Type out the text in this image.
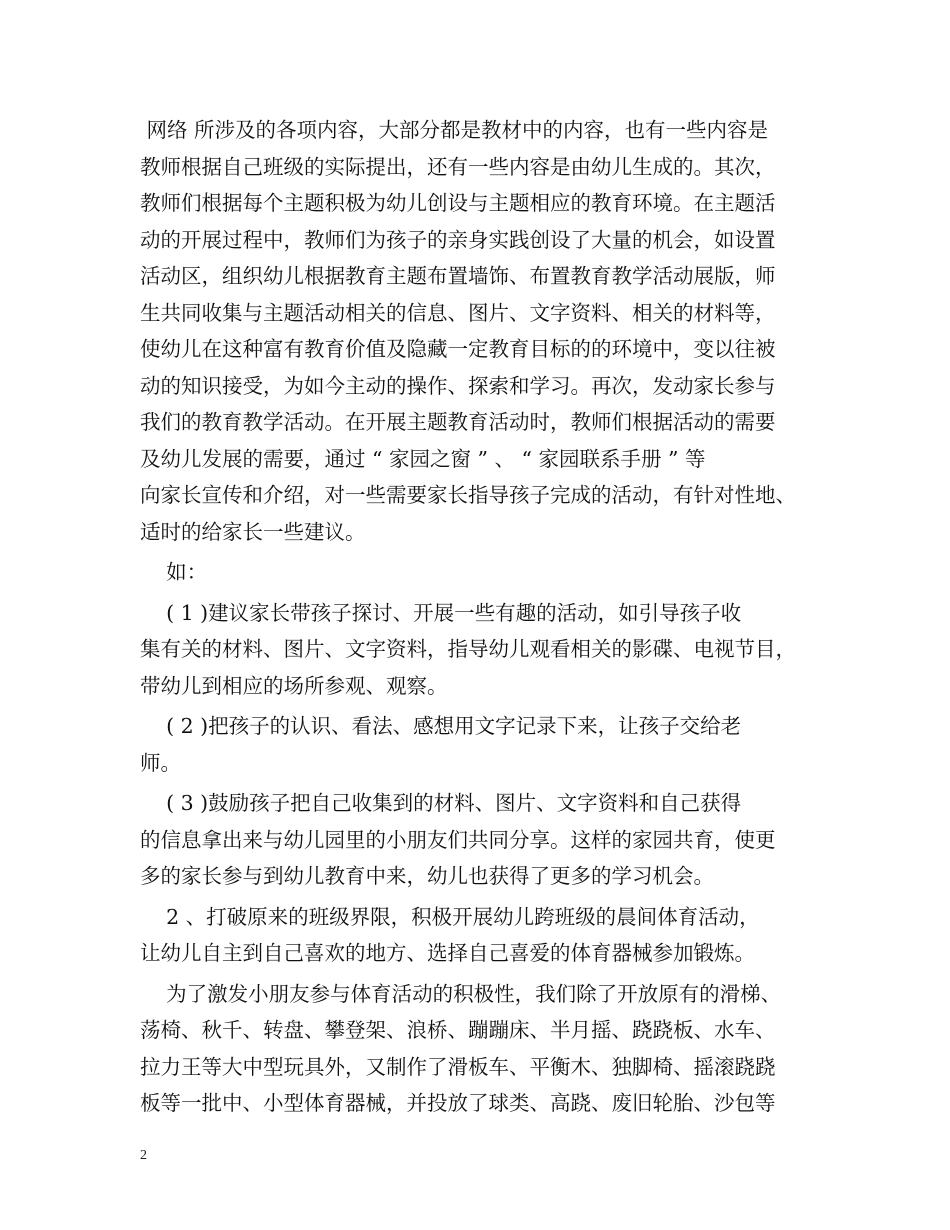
网络 所涉及的各项内容，大部分都是教材中的内容，也有一些内容是
教师根据自己班级的实际提出，还有一些内容是由幼儿生成的。其次，
教师们根据每个主题积极为幼儿创设与主题相应的教育环境。在主题活
动的开展过程中，教师们为孩子的亲身实践创设了大量的机会，如设置
活动区，组织幼儿根据教育主题布置墙饰、布置教育教学活动展版，师
生共同收集与主题活动相关的信息、图片、文字资料、相关的材料等，
使幼儿在这种富有教育价值及隐藏一定教育目标的的环境中，变以往被
动的知识接受，为如今主动的操作、探索和学习。再次，发动家长参与
我们的教育教学活动。在开展主题教育活动时，教师们根据活动的需要
及幼儿发展的需要，通过 “ 家园之窗 ” 、 “ 家园联系手册 ” 等
向家长宣传和介绍，对一些需要家长指导孩子完成的活动，有针对性地、
适时的给家长一些建议。
如：
( 1 )建议家长带孩子探讨、开展一些有趣的活动，如引导孩子收
集有关的材料、图片、文字资料，指导幼儿观看相关的影碟、电视节目，
带幼儿到相应的场所参观、观察。
( 2 )把孩子的认识、看法、感想用文字记录下来，让孩子交给老
师。
( 3 )鼓励孩子把自己收集到的材料、图片、文字资料和自己获得
的信息拿出来与幼儿园里的小朋友们共同分享。这样的家园共育，使更
多的家长参与到幼儿教育中来，幼儿也获得了更多的学习机会。
2 、打破原来的班级界限，积极开展幼儿跨班级的晨间体育活动，
让幼儿自主到自己喜欢的地方、选择自己喜爱的体育器械参加锻炼。
为了激发小朋友参与体育活动的积极性，我们除了开放原有的滑梯、
荡椅、秋千、转盘、攀登架、浪桥、蹦蹦床、半月摇、跷跷板、水车、
拉力王等大中型玩具外，又制作了滑板车、平衡木、独脚椅、摇滚跷跷
板等一批中、小型体育器械，并投放了球类、高跷、废旧轮胎、沙包等
2
